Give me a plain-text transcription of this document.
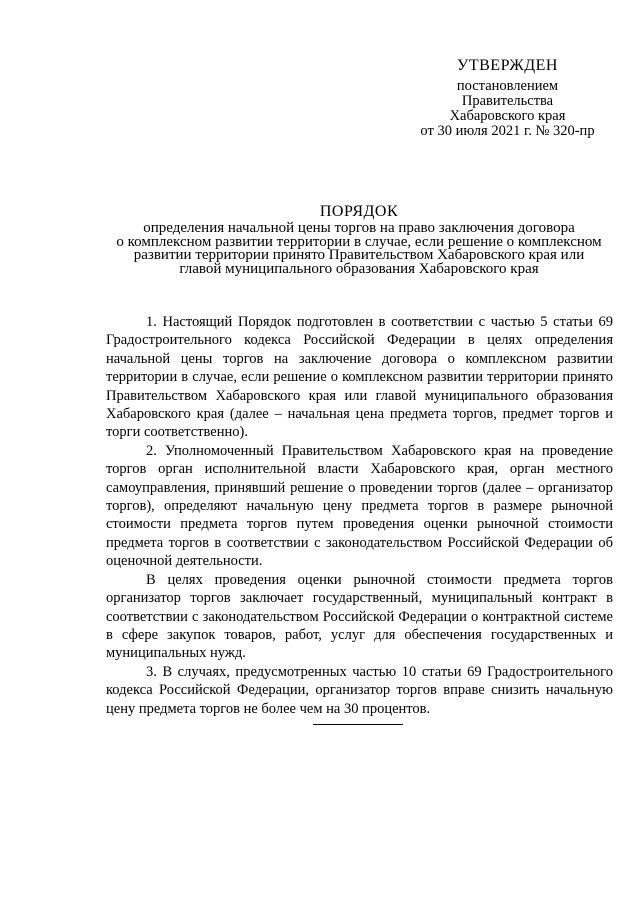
УТВЕРЖДЕН
постановлением
Правительства
Хабаровского края
от 30 июля 2021 г. № 320-пр
ПОРЯДОК
определения начальной цены торгов на право заключения договора
о комплексном развитии территории в случае, если решение о комплексном
развитии территории принято Правительством Хабаровского края или
главой муниципального образования Хабаровского края

1. Настоящий Порядок подготовлен в соответствии с частью 5 статьи 69 Градостроительного кодекса Российской Федерации в целях определения начальной цены торгов на заключение договора о комплексном развитии территории в случае, если решение о комплексном развитии территории принято Правительством Хабаровского края или главой муниципального образования Хабаровского края (далее – начальная цена предмета торгов, предмет торгов и торги соответственно).

2. Уполномоченный Правительством Хабаровского края на проведение торгов орган исполнительной власти Хабаровского края, орган местного самоуправления, принявший решение о проведении торгов (далее – организатор торгов), определяют начальную цену предмета торгов в размере рыночной стоимости предмета торгов путем проведения оценки рыночной стоимости предмета торгов в соответствии с законодательством Российской Федерации об оценочной деятельности.

В целях проведения оценки рыночной стоимости предмета торгов организатор торгов заключает государственный, муниципальный контракт в соответствии с законодательством Российской Федерации о контрактной системе в сфере закупок товаров, работ, услуг для обеспечения государственных и муниципальных нужд.

3. В случаях, предусмотренных частью 10 статьи 69 Градостроительного кодекса Российской Федерации, организатор торгов вправе снизить начальную цену предмета торгов не более чем на 30 процентов.
